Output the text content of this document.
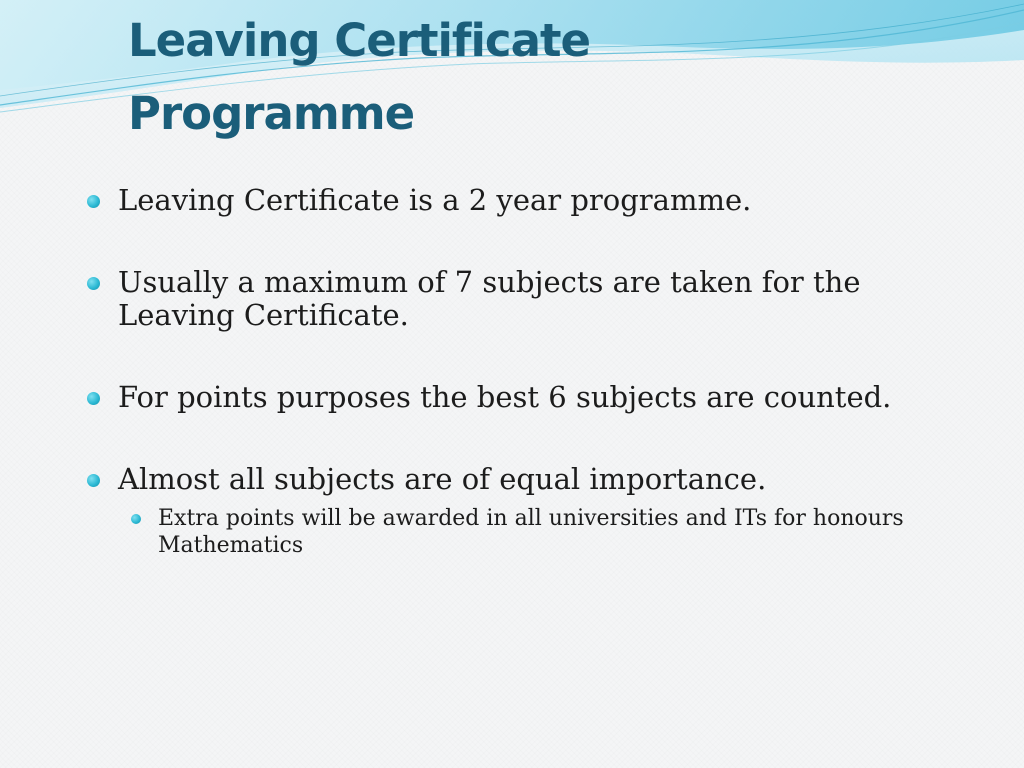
Leaving Certificate
Programme
Leaving Certificate is a 2 year programme.
Usually a maximum of 7 subjects are taken for the Leaving Certificate.
For points purposes the best 6 subjects are counted.
Almost all subjects are of equal importance.
Extra points will be awarded in all universities and ITs for honours Mathematics
